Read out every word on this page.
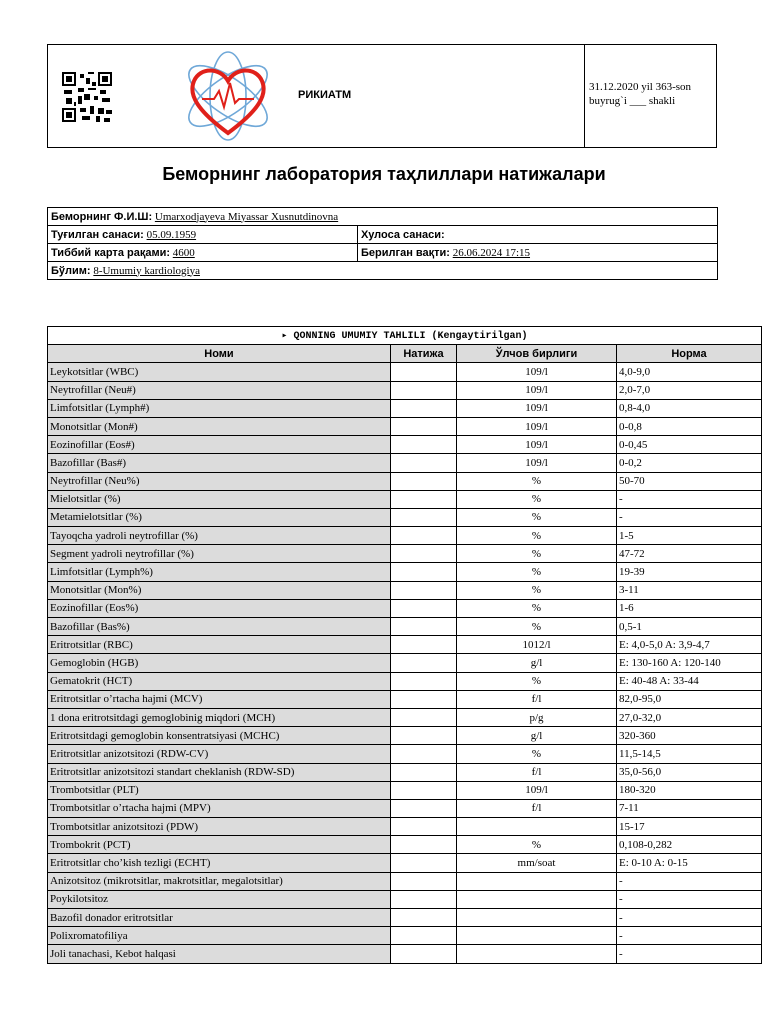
РИКИАТМ
31.12.2020 yil 363-son
buyrug`i ___ shakli
Беморнинг лаборатория таҳлиллари натижалари
Беморнинг Ф.И.Ш: Umarxodjayeva Miyassar Xusnutdinovna	
Туғилган санаси: 05.09.1959	Хулоса санаси:
Тиббий карта рақами: 4600	Берилган вақти: 26.06.2024 17:15
Бўлим: 8-Umumiy kardiologiya	
▸ QONNING UMUMIY TAHLILI (Kengaytirilgan)			
Номи	Натижа	Ўлчов бирлиги	Норма
Leykotsitlar (WBC)		109/l	4,0-9,0
Neytrofillar (Neu#)		109/l	2,0-7,0
Limfotsitlar (Lymph#)		109/l	0,8-4,0
Monotsitlar (Mon#)		109/l	0-0,8
Eozinofillar (Eos#)		109/l	0-0,45
Bazofillar (Bas#)		109/l	0-0,2
Neytrofillar (Neu%)		%	50-70
Mielotsitlar (%)		%	-
Metamielotsitlar (%)		%	-
Tayoqcha yadroli neytrofillar (%)		%	1-5
Segment yadroli neytrofillar (%)		%	47-72
Limfotsitlar (Lymph%)		%	19-39
Monotsitlar (Mon%)		%	3-11
Eozinofillar (Eos%)		%	1-6
Bazofillar (Bas%)		%	0,5-1
Eritrotsitlar (RBC)		1012/l	E: 4,0-5,0 A: 3,9-4,7
Gemoglobin (HGB)		g/l	E: 130-160 A: 120-140
Gematokrit (HCT)		%	E: 40-48 A: 33-44
Eritrotsitlar o’rtacha hajmi (MCV)		f/l	82,0-95,0
1 dona eritrotsitdagi gemoglobinig miqdori (MCH)		p/g	27,0-32,0
Eritrotsitdagi gemoglobin konsentratsiyasi (MCHC)		g/l	320-360
Eritrotsitlar anizotsitozi (RDW-CV)		%	11,5-14,5
Eritrotsitlar anizotsitozi standart cheklanish (RDW-SD)		f/l	35,0-56,0
Trombotsitlar (PLT)		109/l	180-320
Trombotsitlar o’rtacha hajmi (MPV)		f/l	7-11
Trombotsitlar anizotsitozi (PDW)			15-17
Trombokrit (PCT)		%	0,108-0,282
Eritrotsitlar cho’kish tezligi (ECHT)		mm/soat	E: 0-10 A: 0-15
Anizotsitoz (mikrotsitlar, makrotsitlar, megalotsitlar)			-
Poykilotsitoz			-
Bazofil donador eritrotsitlar			-
Polixromatofiliya			-
Joli tanachasi, Kebot halqasi			-
